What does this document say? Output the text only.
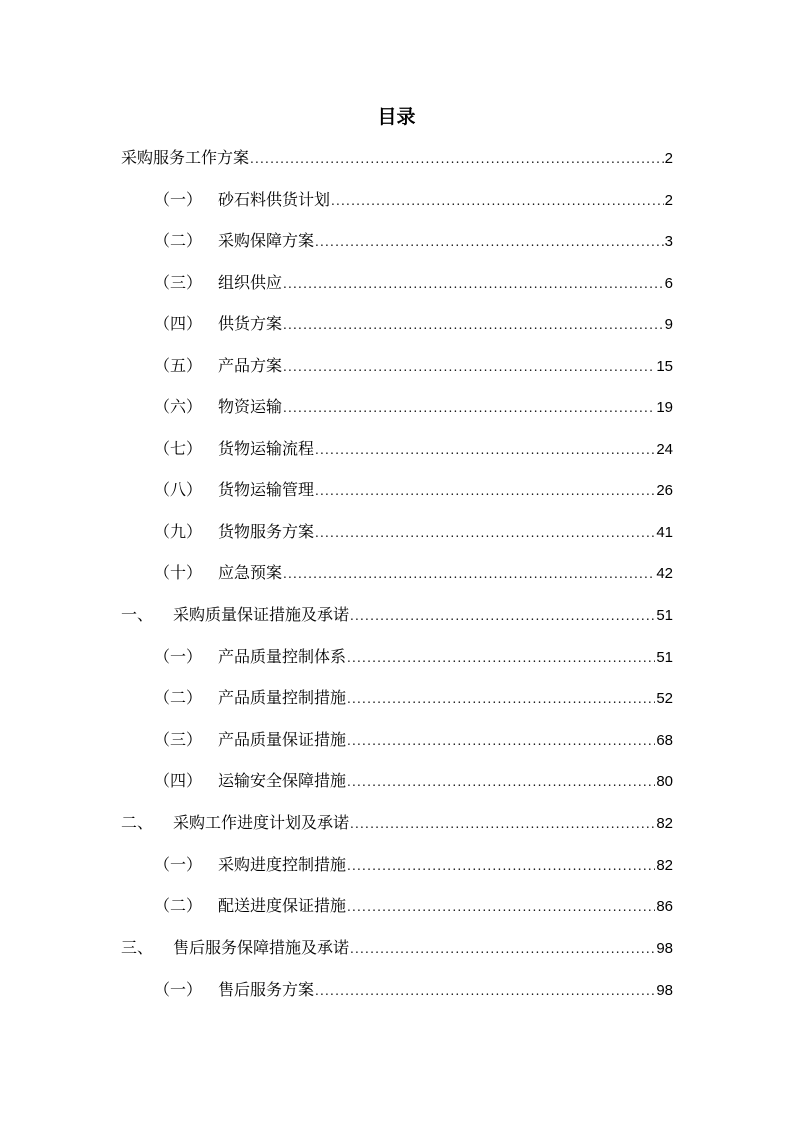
目录
采购服务工作方案 .....	2
（一） 砂石料供货计划 .....	2
（二） 采购保障方案 .....	3
（三） 组织供应 .....	6
（四） 供货方案 .....	9
（五） 产品方案 .....	15
（六） 物资运输 .....	19
（七） 货物运输流程 .....	24
（八） 货物运输管理 .....	26
（九） 货物服务方案 .....	41
（十） 应急预案 .....	42
一、	采购质量保证措施及承诺 .....	51
（一） 产品质量控制体系 .....	51
（二） 产品质量控制措施 .....	52
（三） 产品质量保证措施 .....	68
（四） 运输安全保障措施 .....	80
二、	采购工作进度计划及承诺 .....	82
（一） 采购进度控制措施 .....	82
（二） 配送进度保证措施 .....	86
三、	售后服务保障措施及承诺 .....	98
（一） 售后服务方案 .....	98
